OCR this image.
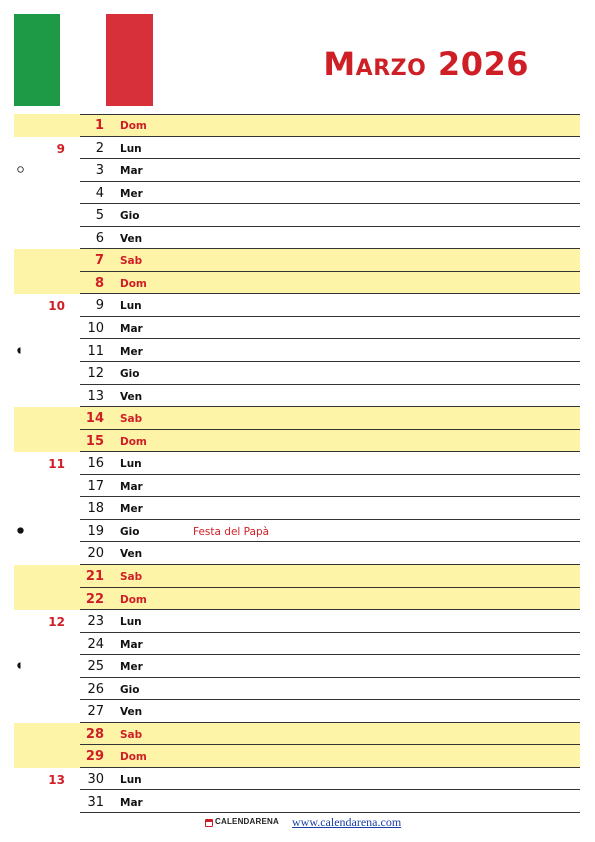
Marzo 2026
1 Dom
2 Lun
9
3 Mar
4 Mer
5 Gio
6 Ven
7 Sab
8 Dom
9 Lun
10
10 Mar
11 Mer
12 Gio
13 Ven
14 Sab
15 Dom
16 Lun
11
17 Mar
18 Mer
19 Gio	Festa del Papà
20 Ven
21 Sab
22 Dom
23 Lun
12
24 Mar
25 Mer
26 Gio
27 Ven
28 Sab
29 Dom
30 Lun
13
31 Mar
CALENDARENA www.calendarena.com
